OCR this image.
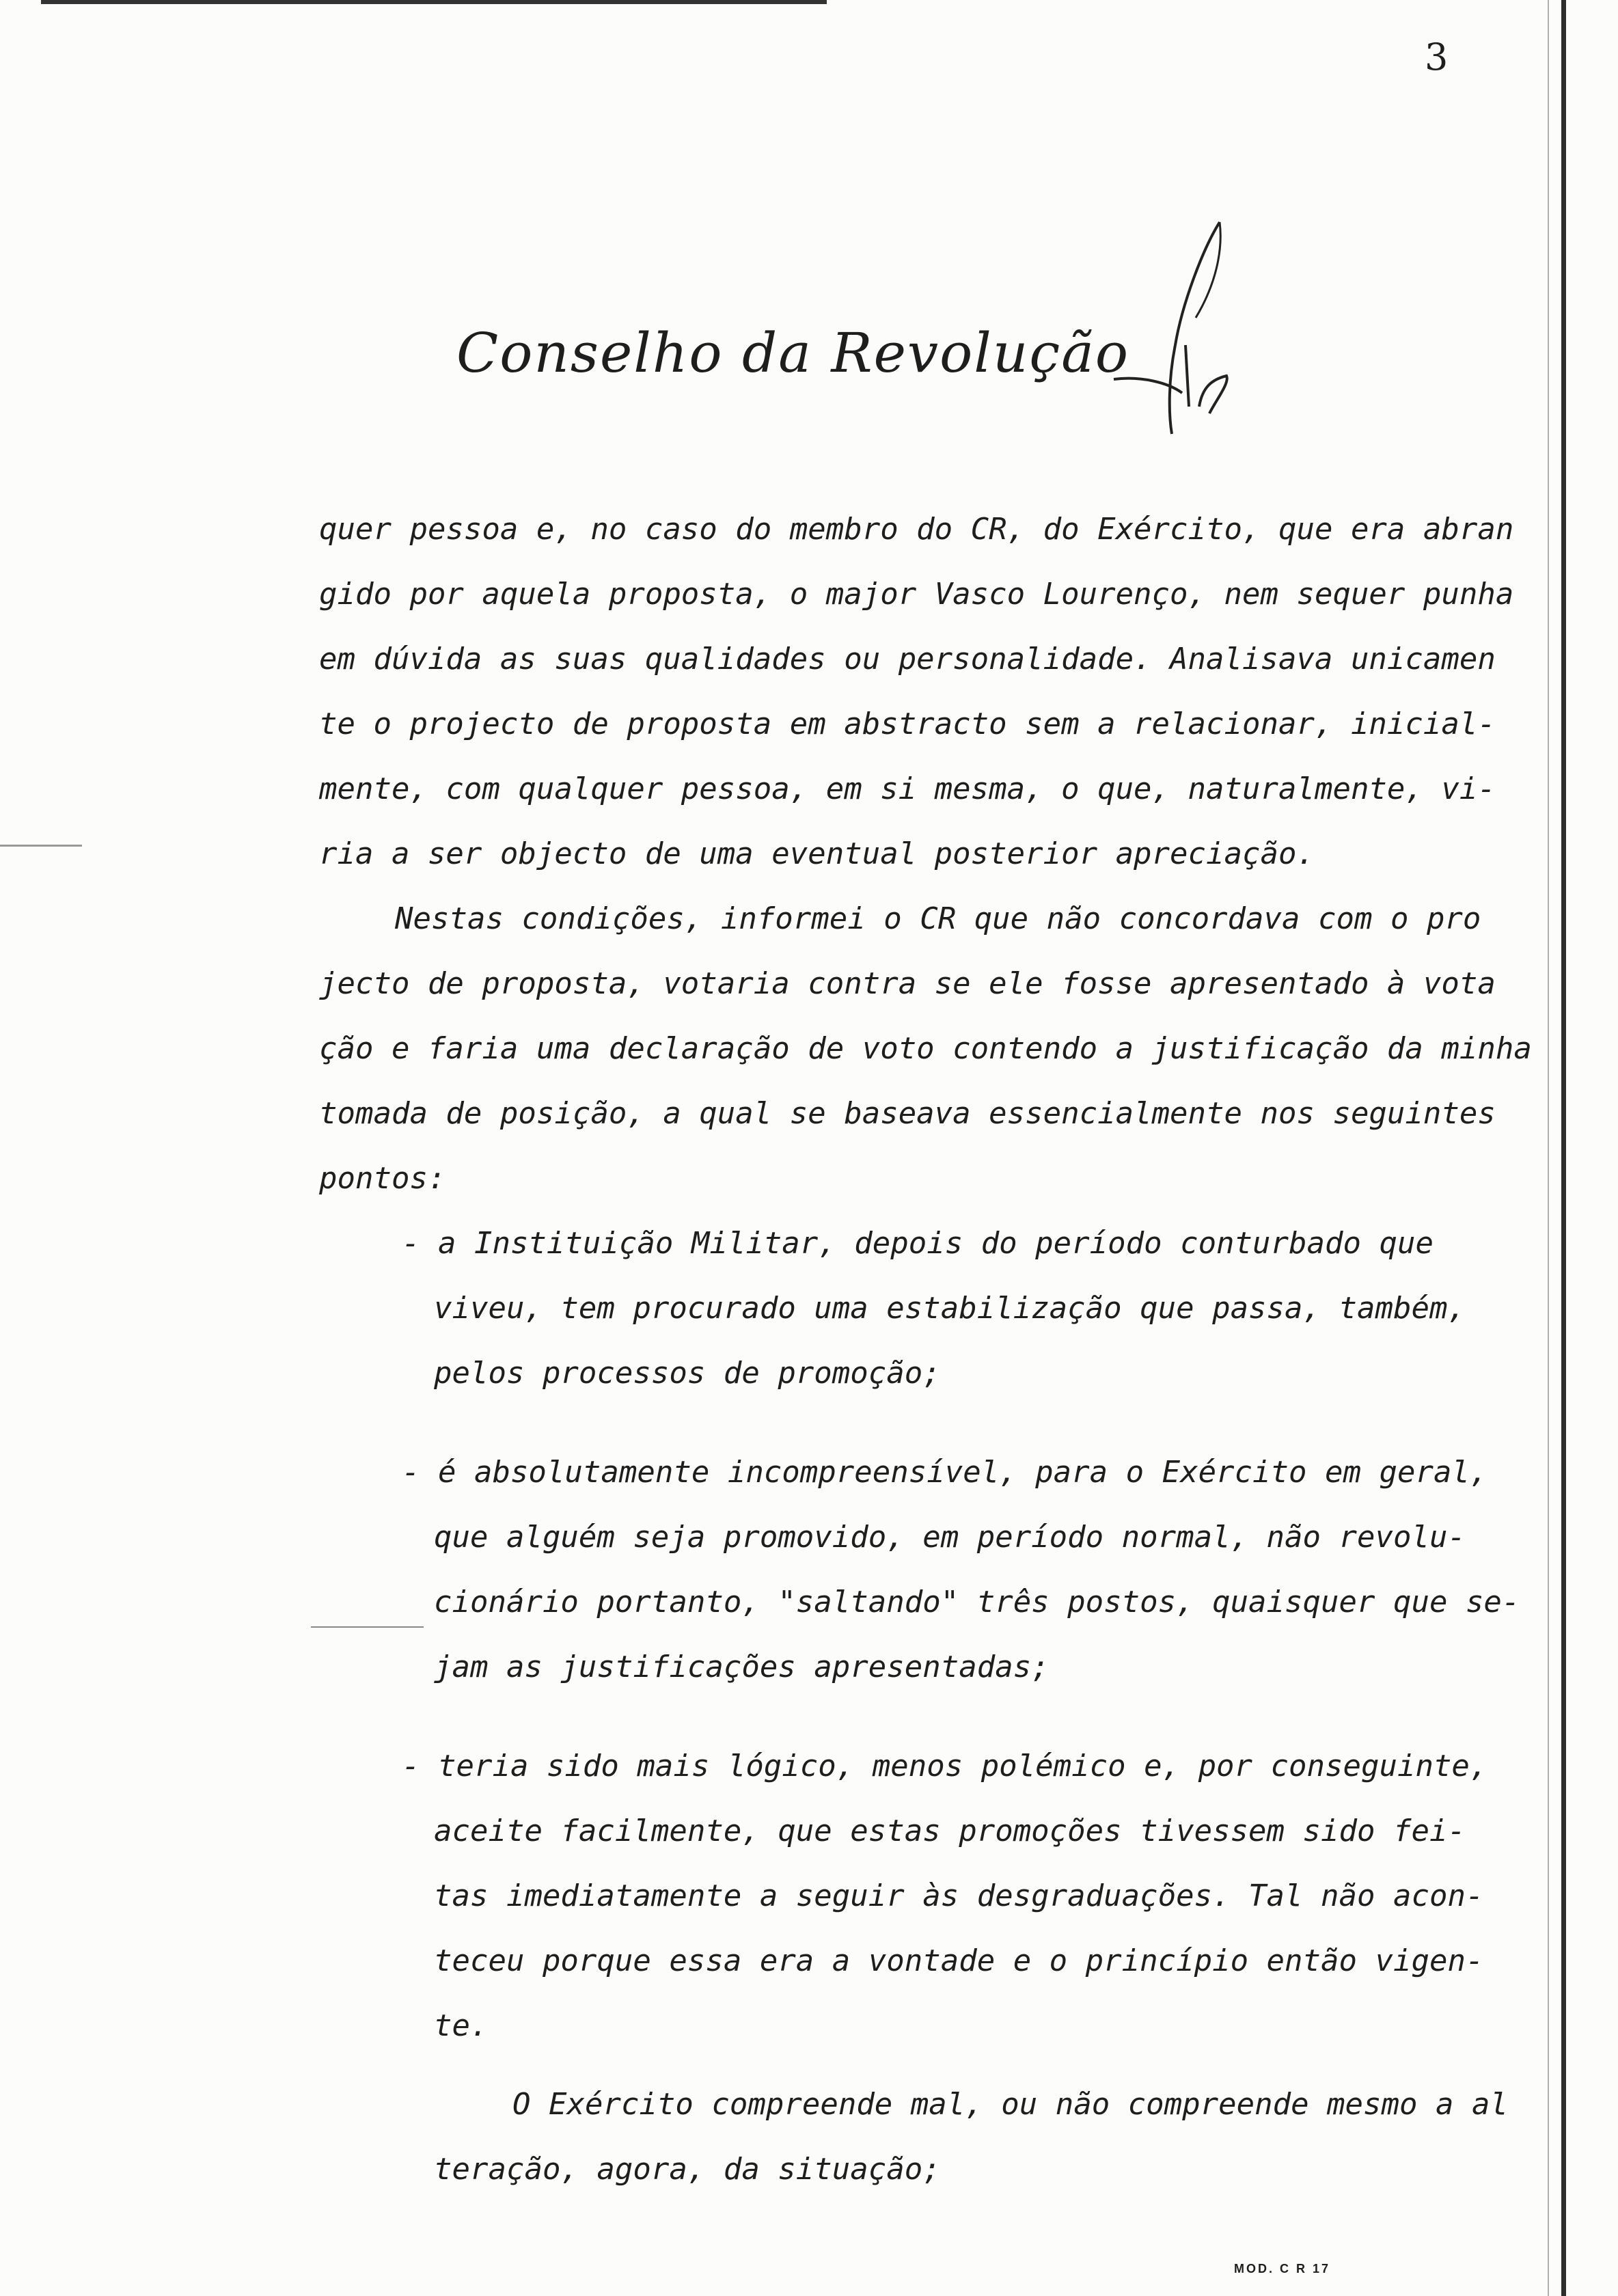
3
Conselho da Revolução
quer pessoa e, no caso do membro do CR, do Exército, que era abran
gido por aquela proposta, o major Vasco Lourenço, nem sequer punha
em dúvida as suas qualidades ou personalidade. Analisava unicamen
te o projecto de proposta em abstracto sem a relacionar, inicial-
mente, com qualquer pessoa, em si mesma, o que, naturalmente, vi-
ria a ser objecto de uma eventual posterior apreciação.
Nestas condições, informei o CR que não concordava com o pro
jecto de proposta, votaria contra se ele fosse apresentado à vota
ção e faria uma declaração de voto contendo a justificação da minha
tomada de posição, a qual se baseava essencialmente nos seguintes
pontos:
- a Instituição Militar, depois do período conturbado que
viveu, tem procurado uma estabilização que passa, também,
pelos processos de promoção;
- é absolutamente incompreensível, para o Exército em geral,
que alguém seja promovido, em período normal, não revolu-
cionário portanto, "saltando" três postos, quaisquer que se-
jam as justificações apresentadas;
- teria sido mais lógico, menos polémico e, por conseguinte,
aceite facilmente, que estas promoções tivessem sido fei-
tas imediatamente a seguir às desgraduações. Tal não acon-
teceu porque essa era a vontade e o princípio então vigen-
te.
O Exército compreende mal, ou não compreende mesmo a al
teração, agora, da situação;
MOD. C R 17
